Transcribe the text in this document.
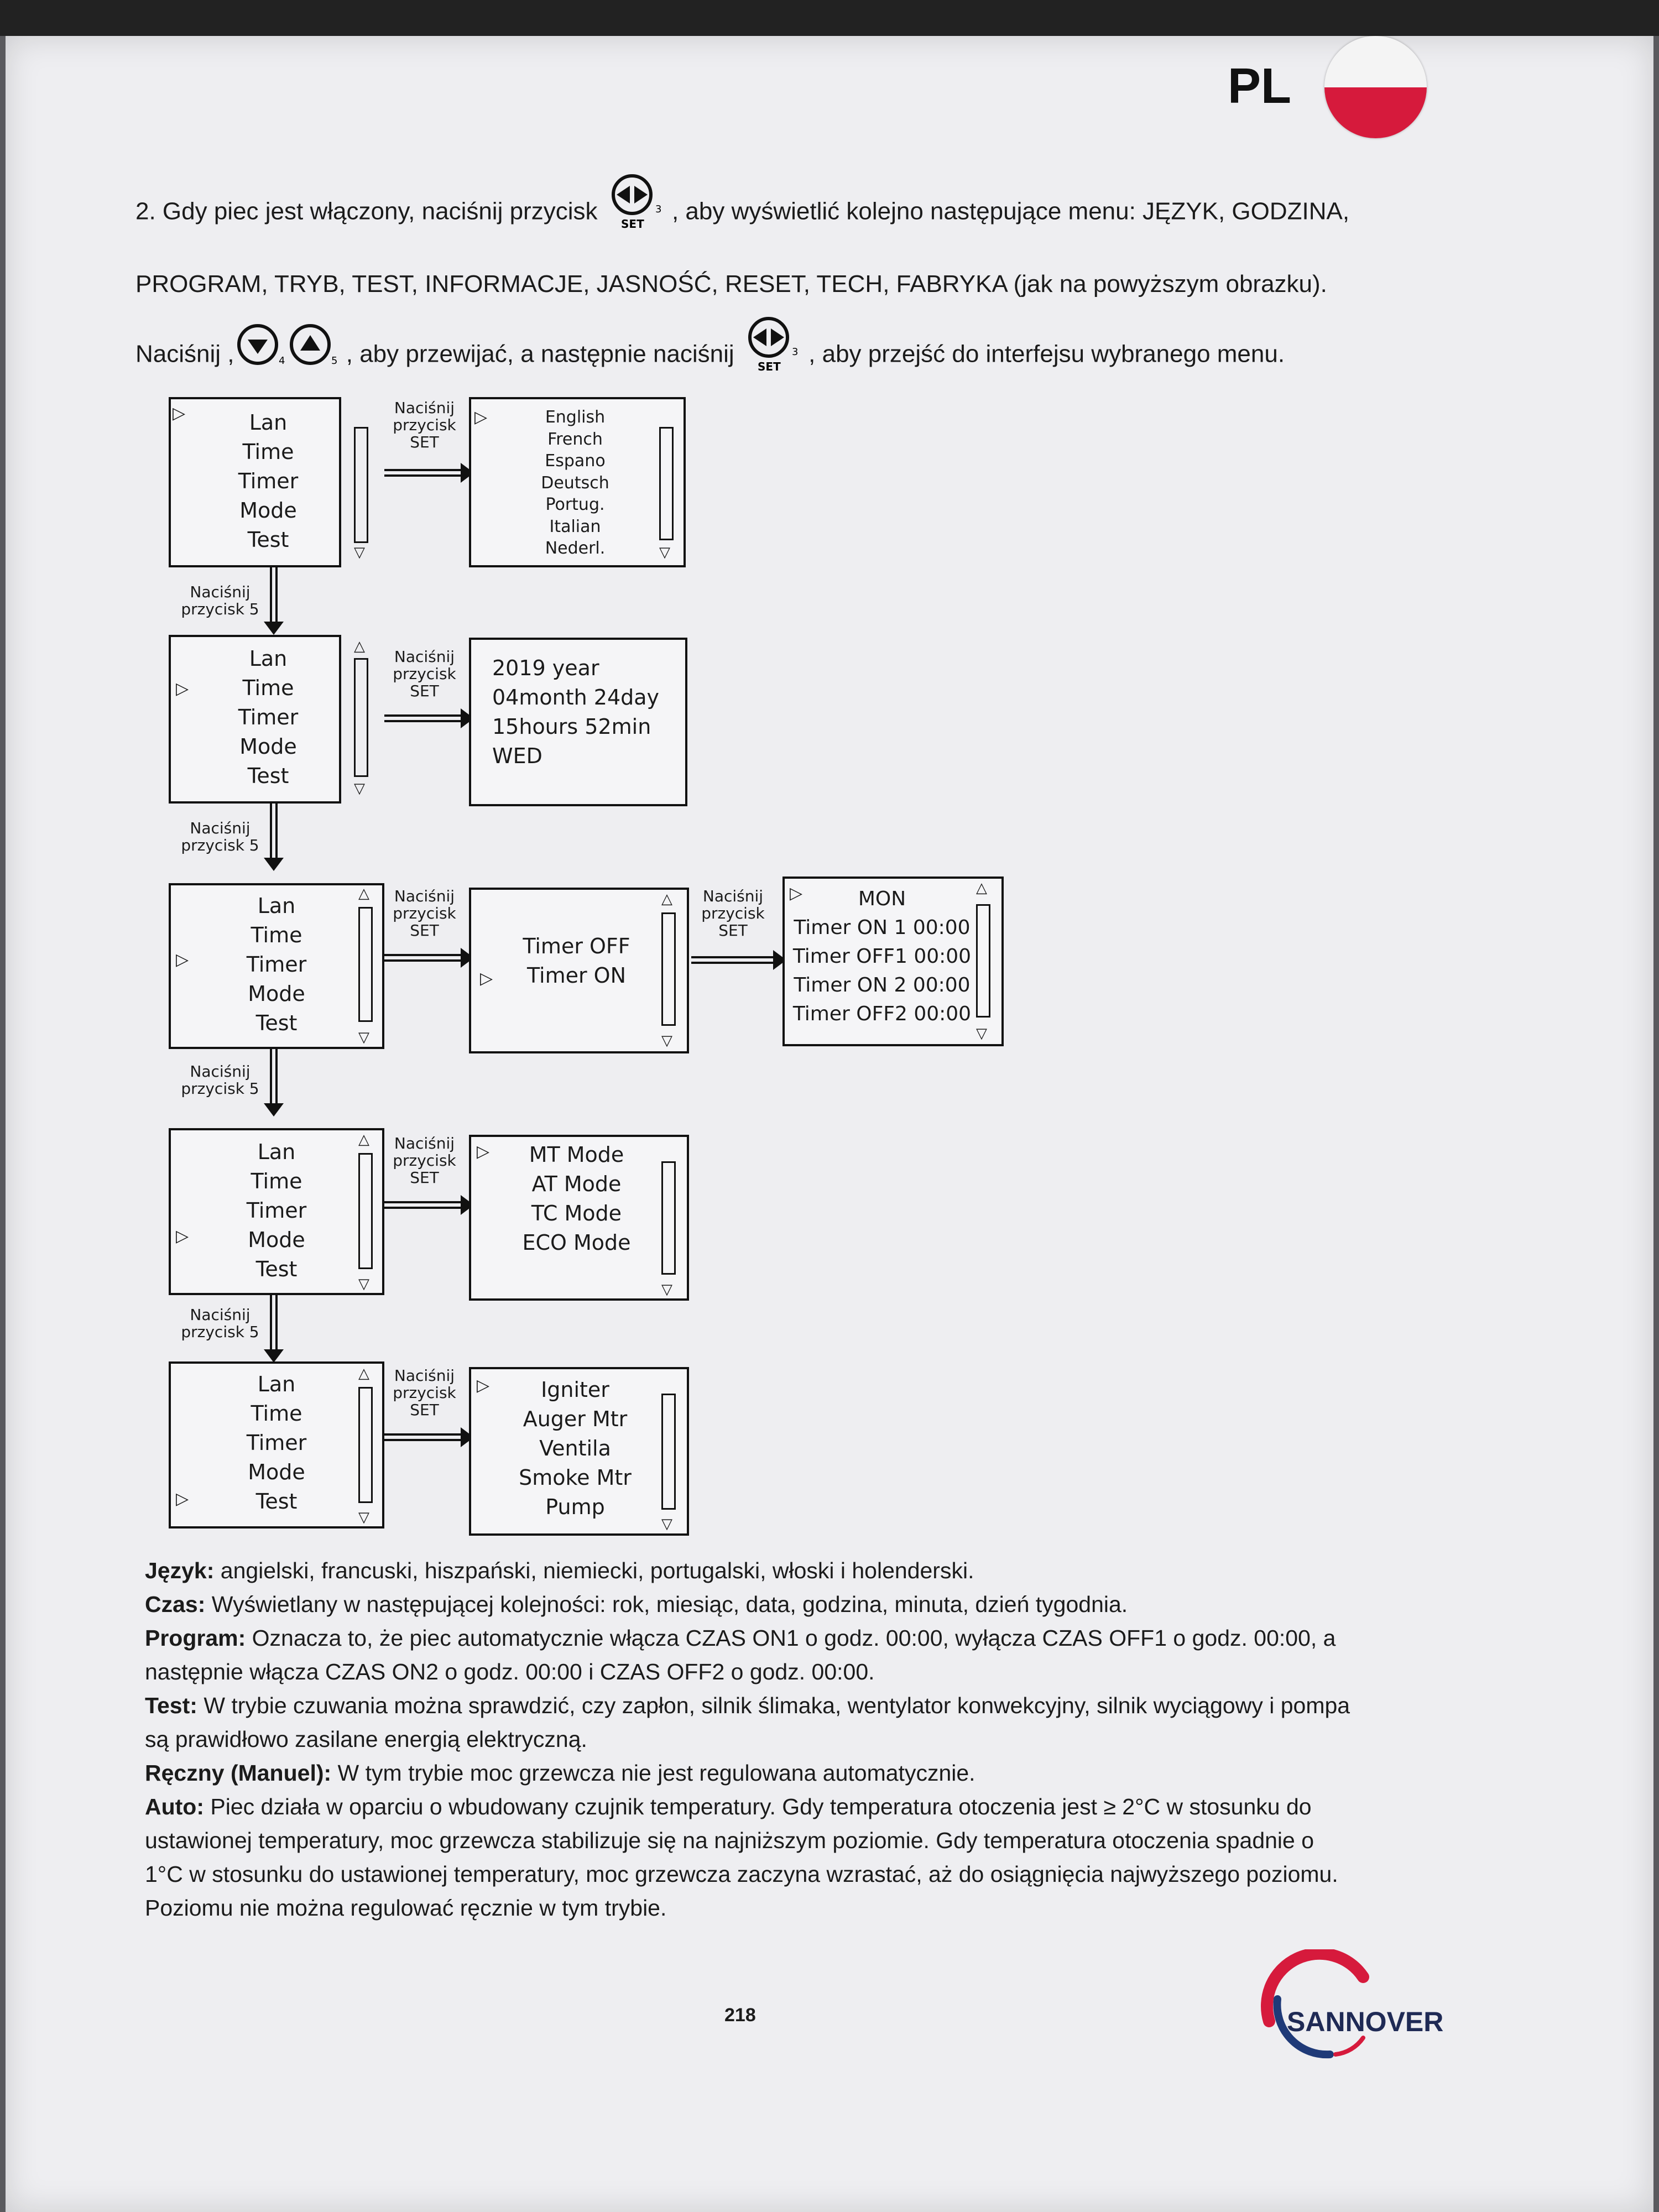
PL
2. Gdy piec jest włączony, naciśnij przycisk SET
3 , aby wyświetlić kolejno następujące menu: JĘZYK, GODZINA, PROGRAM, TRYB, TEST, INFORMACJE, JASNOŚĆ, RESET, TECH, FABRYKA (jak na powyższym obrazku). Naciśnij ,	4	5 , aby przewijać, a następnie naciśnij SET
3 , aby przejść do interfejsu wybranego menu.
▷	Lan
Time
Timer
Mode
Test	▽
Naciśnij
przycisk
SET
▷	English
French
Espano
Deutsch
Portug.
Italian
Nederl.	▽
Naciśnij
przycisk 5
△
▷
Lan
Time
Timer
Mode
Test	▽
Naciśnij
przycisk
SET
2019 year
04month 24day
15hours 52min
WED
Naciśnij
przycisk 5
△
▷
Lan
Time
Timer
Mode
Test
▽
Naciśnij
przycisk
SET
△
▷
Timer OFF
Timer ON
▽
Naciśnij
przycisk
SET
△
▷	MON
Timer ON 1 00:00
Timer OFF1 00:00
Timer ON 2 00:00
Timer OFF2 00:00
▽
Naciśnij
przycisk 5
△
▷
Lan
Time
Timer
Mode
Test
▽
Naciśnij
przycisk
SET
▷	MT Mode
AT Mode
TC Mode
ECO Mode
▽
Naciśnij
przycisk 5
△
▷
Lan
Time
Timer
Mode
Test
▽
Naciśnij
przycisk
SET
▷	Igniter
Auger Mtr
Ventila
Smoke Mtr
Pump
▽
Język: angielski, francuski, hiszpański, niemiecki, portugalski, włoski i holenderski.
Czas: Wyświetlany w następującej kolejności: rok, miesiąc, data, godzina, minuta, dzień tygodnia.
Program: Oznacza to, że piec automatycznie włącza CZAS ON1 o godz. 00:00, wyłącza CZAS OFF1 o godz. 00:00, a następnie włącza CZAS ON2 o godz. 00:00 i CZAS OFF2 o godz. 00:00.
Test: W trybie czuwania można sprawdzić, czy zapłon, silnik ślimaka, wentylator konwekcyjny, silnik wyciągowy i pompa są prawidłowo zasilane energią elektryczną.
Ręczny (Manuel): W tym trybie moc grzewcza nie jest regulowana automatycznie.
Auto: Piec działa w oparciu o wbudowany czujnik temperatury. Gdy temperatura otoczenia jest ≥ 2°C w stosunku do ustawionej temperatury, moc grzewcza stabilizuje się na najniższym poziomie. Gdy temperatura otoczenia spadnie o 1°C w stosunku do ustawionej temperatury, moc grzewcza zaczyna wzrastać, aż do osiągnięcia najwyższego poziomu. Poziomu nie można regulować ręcznie w tym trybie.
218	SANNOVER
